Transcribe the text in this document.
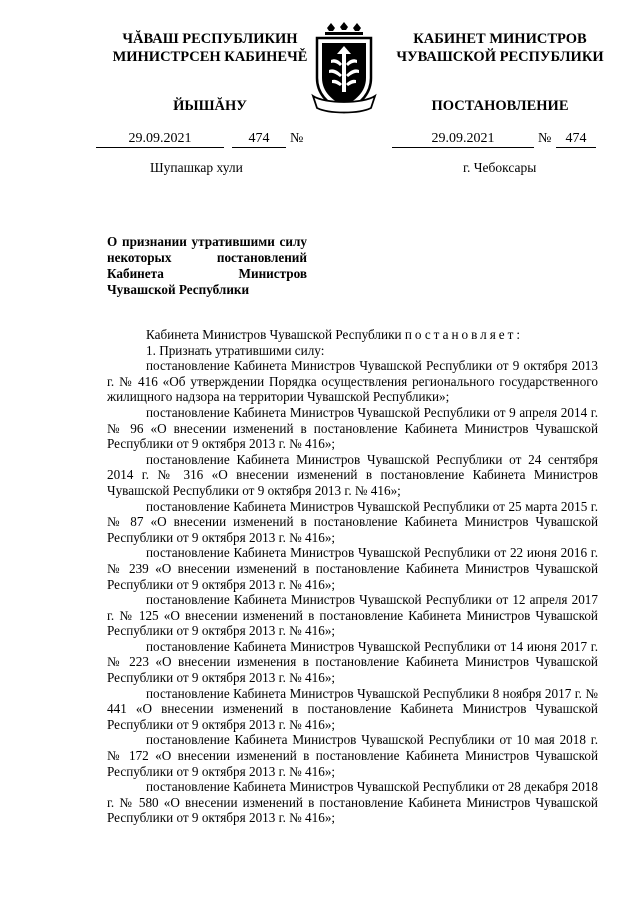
ЧĂВАШ РЕСПУБЛИКИН
МИНИСТРСЕН КАБИНЕЧĚ
ЙЫШĂНУ
КАБИНЕТ МИНИСТРОВ
ЧУВАШСКОЙ РЕСПУБЛИКИ
ПОСТАНОВЛЕНИЕ
29.09.2021	474	№	29.09.2021	№	474
Шупашкар хули	г. Чебоксары
О признании утратившими силу некоторых постановлений Кабинета Министров Чувашской Республики

Кабинета Министров Чувашской Республики постановляет:

1. Признать утратившими силу:

постановление Кабинета Министров Чувашской Республики от 9 октября 2013 г. № 416 «Об утверждении Порядка осуществления регионального государственного жилищного надзора на территории Чувашской Республики»;

постановление Кабинета Министров Чувашской Республики от 9 апреля 2014 г. № 96 «О внесении изменений в постановление Кабинета Министров Чувашской Республики от 9 октября 2013 г. № 416»;

постановление Кабинета Министров Чувашской Республики от 24 сентября 2014 г. № 316 «О внесении изменений в постановление Кабинета Министров Чувашской Республики от 9 октября 2013 г. № 416»;

постановление Кабинета Министров Чувашской Республики от 25 марта 2015 г. № 87 «О внесении изменений в постановление Кабинета Министров Чувашской Республики от 9 октября 2013 г. № 416»;

постановление Кабинета Министров Чувашской Республики от 22 июня 2016 г. № 239 «О внесении изменений в постановление Кабинета Министров Чувашской Республики от 9 октября 2013 г. № 416»;

постановление Кабинета Министров Чувашской Республики от 12 апреля 2017 г. № 125 «О внесении изменений в постановление Кабинета Министров Чувашской Республики от 9 октября 2013 г. № 416»;

постановление Кабинета Министров Чувашской Республики от 14 июня 2017 г. № 223 «О внесении изменения в постановление Кабинета Министров Чувашской Республики от 9 октября 2013 г. № 416»;

постановление Кабинета Министров Чувашской Республики 8 ноября 2017 г. № 441 «О внесении изменений в постановление Кабинета Министров Чувашской Республики от 9 октября 2013 г. № 416»;

постановление Кабинета Министров Чувашской Республики от 10 мая 2018 г. № 172 «О внесении изменений в постановление Кабинета Министров Чувашской Республики от 9 октября 2013 г. № 416»;

постановление Кабинета Министров Чувашской Республики от 28 декабря 2018 г. № 580 «О внесении изменений в постановление Кабинета Министров Чувашской Республики от 9 октября 2013 г. № 416»;
